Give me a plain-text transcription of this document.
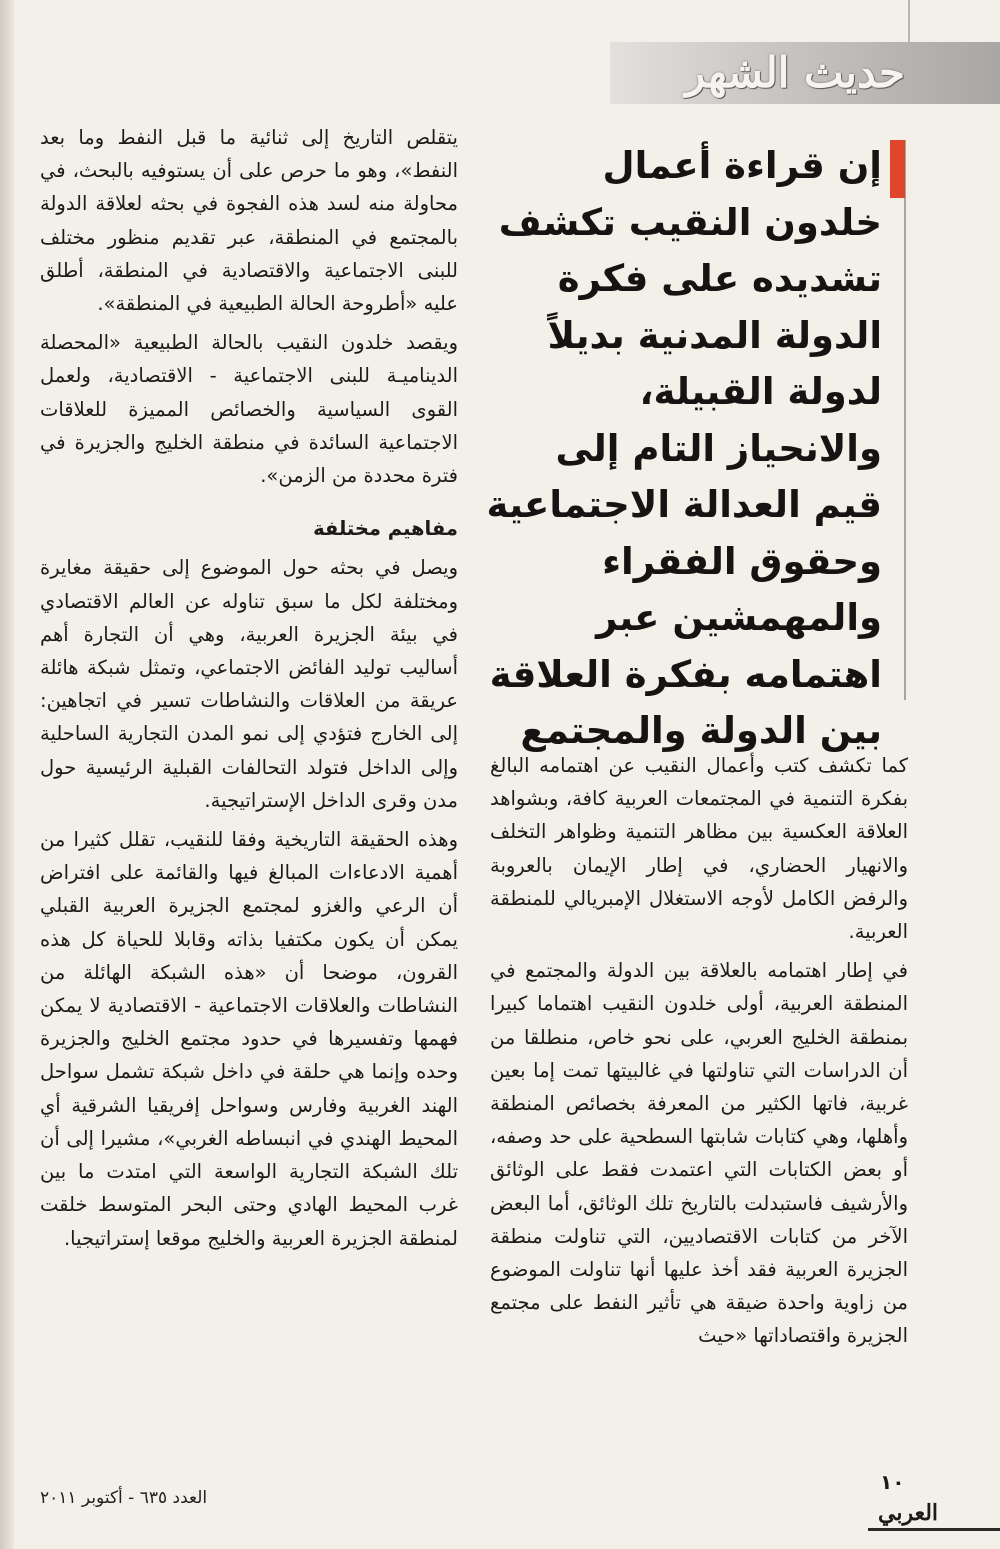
حديث الشهر
إن قراءة أعمال خلدون النقيب تكشف تشديده على فكرة الدولة المدنية بديلاً لدولة القبيلة، والانحياز التام إلى قيم العدالة الاجتماعية وحقوق الفقراء والمهمشين عبر اهتمامه بفكرة العلاقة بين الدولة والمجتمع

يتقلص التاريخ إلى ثنائية ما قبل النفط وما بعد النفط»، وهو ما حرص على أن يستوفيه بالبحث، في محاولة منه لسد هذه الفجوة في بحثه لعلاقة الدولة بالمجتمع في المنطقة، عبر تقديم منظور مختلف للبنى الاجتماعية والاقتصادية في المنطقة، أطلق عليه «أطروحة الحالة الطبيعية في المنطقة».

ويقصد خلدون النقيب بالحالة الطبيعية «المحصلة الديناميـة للبنى الاجتماعية - الاقتصادية، ولعمل القوى السياسية والخصائص المميزة للعلاقات الاجتماعية السائدة في منطقة الخليج والجزيرة في فترة محددة من الزمن».

مفاهيم مختلفة

ويصل في بحثه حول الموضوع إلى حقيقة مغايرة ومختلفة لكل ما سبق تناوله عن العالم الاقتصادي في بيئة الجزيرة العربية، وهي أن التجارة أهم أساليب توليد الفائض الاجتماعي، وتمثل شبكة هائلة عريقة من العلاقات والنشاطات تسير في اتجاهين: إلى الخارج فتؤدي إلى نمو المدن التجارية الساحلية وإلى الداخل فتولد التحالفات القبلية الرئيسية حول مدن وقرى الداخل الإستراتيجية.

وهذه الحقيقة التاريخية وفقا للنقيب، تقلل كثيرا من أهمية الادعاءات المبالغ فيها والقائمة على افتراض أن الرعي والغزو لمجتمع الجزيرة العربية القبلي يمكن أن يكون مكتفيا بذاته وقابلا للحياة كل هذه القرون، موضحا أن «هذه الشبكة الهائلة من النشاطات والعلاقات الاجتماعية - الاقتصادية لا يمكن فهمها وتفسيرها في حدود مجتمع الخليج والجزيرة وحده وإنما هي حلقة في داخل شبكة تشمل سواحل الهند الغربية وفارس وسواحل إفريقيا الشرقية أي المحيط الهندي في انبساطه الغربي»، مشيرا إلى أن تلك الشبكة التجارية الواسعة التي امتدت ما بين غرب المحيط الهادي وحتى البحر المتوسط خلقت لمنطقة الجزيرة العربية والخليج موقعا إستراتيجيا.

كما تكشف كتب وأعمال النقيب عن اهتمامه البالغ بفكرة التنمية في المجتمعات العربية كافة، وبشواهد العلاقة العكسية بين مظاهر التنمية وظواهر التخلف والانهيار الحضاري، في إطار الإيمان بالعروبة والرفض الكامل لأوجه الاستغلال الإمبريالي للمنطقة العربية.

في إطار اهتمامه بالعلاقة بين الدولة والمجتمع في المنطقة العربية، أولى خلدون النقيب اهتماما كبيرا بمنطقة الخليج العربي، على نحو خاص، منطلقا من أن الدراسات التي تناولتها في غالبيتها تمت إما بعين غربية، فاتها الكثير من المعرفة بخصائص المنطقة وأهلها، وهي كتابات شابتها السطحية على حد وصفه، أو بعض الكتابات التي اعتمدت فقط على الوثائق والأرشيف فاستبدلت بالتاريخ تلك الوثائق، أما البعض الآخر من كتابات الاقتصاديين، التي تناولت منطقة الجزيرة العربية فقد أخذ عليها أنها تناولت الموضوع من زاوية واحدة ضيقة هي تأثير النفط على مجتمع الجزيرة واقتصاداتها «حيث

العدد ٦٣٥ - أكتوبر ٢٠١١
١٠
العربي
